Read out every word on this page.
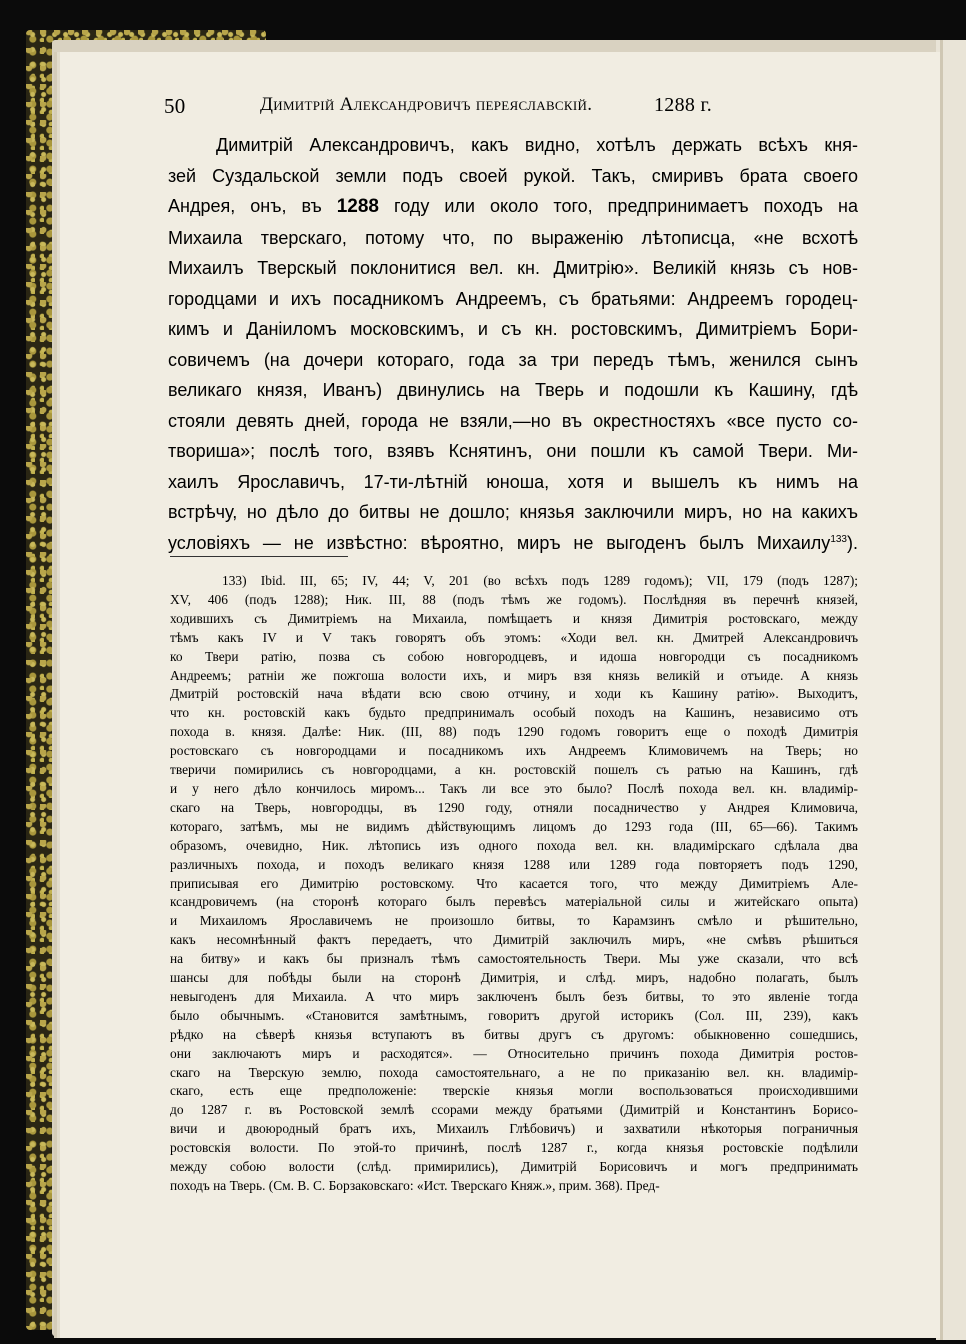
50	Димитрій Александровичъ переяславскій.	1288 г.
Димитрій Александровичъ, какъ видно, хотѣлъ держать всѣхъ кня-
зей Суздальской земли подъ своей рукой. Такъ, смиривъ брата своего
Андрея, онъ, въ 1288 году или около того, предпринимаетъ походъ на
Михаила тверскаго, потому что, по выраженію лѣтописца, «не всхотѣ
Михаилъ Тверскый поклонитися вел. кн. Дмитрію». Великій князь съ нов-
городцами и ихъ посадникомъ Андреемъ, съ братьями: Андреемъ городец-
кимъ и Даніиломъ московскимъ, и съ кн. ростовскимъ, Димитріемъ Бори-
совичемъ (на дочери котораго, года за три передъ тѣмъ, женился сынъ
великаго князя, Иванъ) двинулись на Тверь и подошли къ Кашину, гдѣ
стояли девять дней, города не взяли,—но въ окрестностяхъ «все пусто со-
твориша»; послѣ того, взявъ Кснятинъ, они пошли къ самой Твери. Ми-
хаилъ Ярославичъ, 17-ти-лѣтній юноша, хотя и вышелъ къ нимъ на
встрѣчу, но дѣло до битвы не дошло; князья заключили миръ, но на какихъ
условіяхъ — не извѣстно: вѣроятно, миръ не выгоденъ былъ Михаилу$^{133}$).
133) Ibid. III, 65; IV, 44; V, 201 (во всѣхъ подъ 1289 годомъ); VII, 179 (подъ 1287);
XV, 406 (подъ 1288); Ник. III, 88 (подъ тѣмъ же годомъ). Послѣдняя въ перечнѣ князей,
ходившихъ съ Димитріемъ на Михаила, помѣщаетъ и князя Димитрія ростовскаго, между
тѣмъ какъ IV и V такъ говорятъ объ этомъ: «Ходи вел. кн. Дмитрей Александровичъ
ко Твери ратію, позва съ собою новгородцевъ, и идоша новгородци съ посадникомъ
Андреемъ; ратніи же пожгоша волости ихъ, и миръ взя князь великій и отъиде. А князь
Дмитрій ростовскій нача вѣдати всю свою отчину, и ходи къ Кашину ратію». Выходитъ,
что кн. ростовскій какъ будьто предпринималъ особый походъ на Кашинъ, независимо отъ
похода в. князя. Далѣе: Ник. (III, 88) подъ 1290 годомъ говоритъ еще о походѣ Димитрія
ростовскаго съ новгородцами и посадникомъ ихъ Андреемъ Климовичемъ на Тверь; но
тверичи помирились съ новгородцами, а кн. ростовскій пошелъ съ ратью на Кашинъ, гдѣ
и у него дѣло кончилось миромъ... Такъ ли все это было? Послѣ похода вел. кн. владимір-
скаго на Тверь, новгородцы, въ 1290 году, отняли посадничество у Андрея Климовича,
котораго, затѣмъ, мы не видимъ дѣйствующимъ лицомъ до 1293 года (III, 65—66). Такимъ
образомъ, очевидно, Ник. лѣтопись изъ одного похода вел. кн. владимірскаго сдѣлала два
различныхъ похода, и походъ великаго князя 1288 или 1289 года повторяетъ подъ 1290,
приписывая его Димитрію ростовскому. Что касается того, что между Димитріемъ Але-
ксандровичемъ (на сторонѣ котораго былъ перевѣсъ матеріальной силы и житейскаго опыта)
и Михаиломъ Ярославичемъ не произошло битвы, то Карамзинъ смѣло и рѣшительно,
какъ несомнѣнный фактъ передаетъ, что Димитрій заключилъ миръ, «не смѣвъ рѣшиться
на битву» и какъ бы призналъ тѣмъ самостоятельность Твери. Мы уже сказали, что всѣ
шансы для побѣды были на сторонѣ Димитрія, и слѣд. миръ, надобно полагать, былъ
невыгоденъ для Михаила. А что миръ заключенъ былъ безъ битвы, то это явленіе тогда
было обычнымъ. «Становится замѣтнымъ, говоритъ другой историкъ (Сол. III, 239), какъ
рѣдко на сѣверѣ князья вступаютъ въ битвы другъ съ другомъ: обыкновенно сошедшись,
они заключаютъ миръ и расходятся». — Относительно причинъ похода Димитрія ростов-
скаго на Тверскую землю, похода самостоятельнаго, а не по приказанію вел. кн. владимір-
скаго, есть еще предположеніе: тверскіе князья могли воспользоваться происходившими
до 1287 г. въ Ростовской землѣ ссорами между братьями (Димитрій и Константинъ Борисо-
вичи и двоюродный братъ ихъ, Михаилъ Глѣбовичъ) и захватили нѣкоторыя пограничныя
ростовскія волости. По этой-то причинѣ, послѣ 1287 г., когда князья ростовскіе подѣлили
между собою волости (слѣд. примирились), Димитрій Борисовичъ и могъ предпринимать
походъ на Тверь. (См. В. С. Борзаковскаго: «Ист. Тверскаго Княж.», прим. 368). Пред-
